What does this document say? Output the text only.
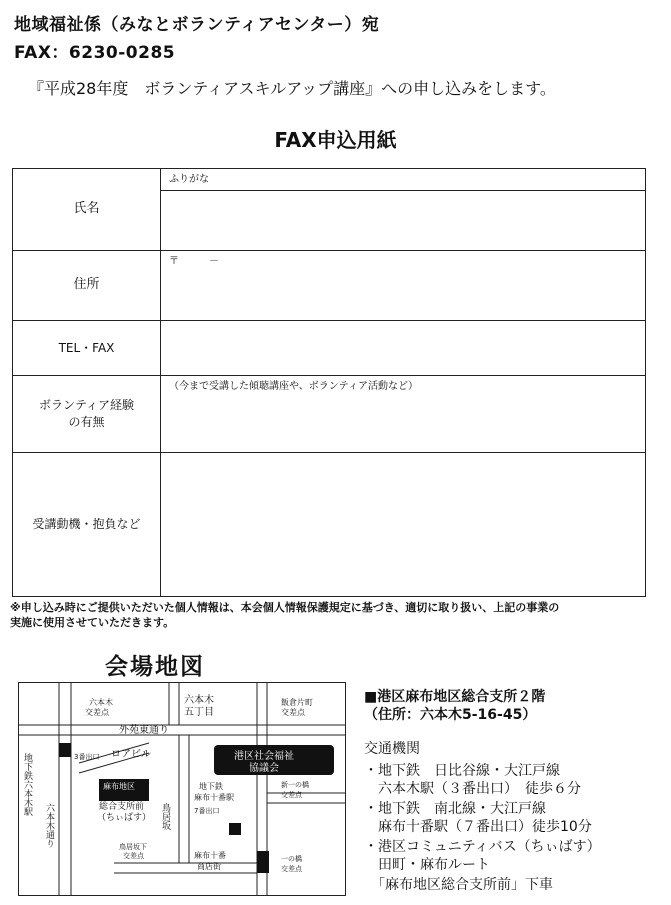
地域福祉係（みなとボランティアセンター）宛
FAX：6230-0285
『平成28年度　ボランティアスキルアップ講座』への申し込みをします。
FAX申込用紙
氏名	ふりがな

住所	〒　　　－
TEL・FAX	

ボランティア経験
の有無	（今まで受講した傾聴講座や、ボランティア活動など）
受講動機・抱負など	
※申し込み時にご提供いただいた個人情報は、本会個人情報保護規定に基づき、適切に取り扱い、上記の事業の
実施に使用させていただきます。
会場地図
六本木
交差点
六本木
五丁目
飯倉片町
交差点
外苑東通り
地下鉄六本木駅	3番出口 ロアビル	港区社会福祉
協議会
麻布地区
総合支所前
（ちぃばす） 鳥居坂
地下鉄
麻布十番駅
7番出口
新一の橋
交差点
六本木通り	鳥居坂下
交差点	麻布十番
商店街
一の橋
交差点
■港区麻布地区総合支所２階
（住所：六本木5-16-45）
交通機関
・地下鉄　日比谷線・大江戸線
　六本木駅（３番出口）　徒歩６分
・地下鉄　南北線・大江戸線
　麻布十番駅（７番出口）徒歩10分
・港区コミュニティバス（ちぃばす）
　田町・麻布ルート
　「麻布地区総合支所前」下車
